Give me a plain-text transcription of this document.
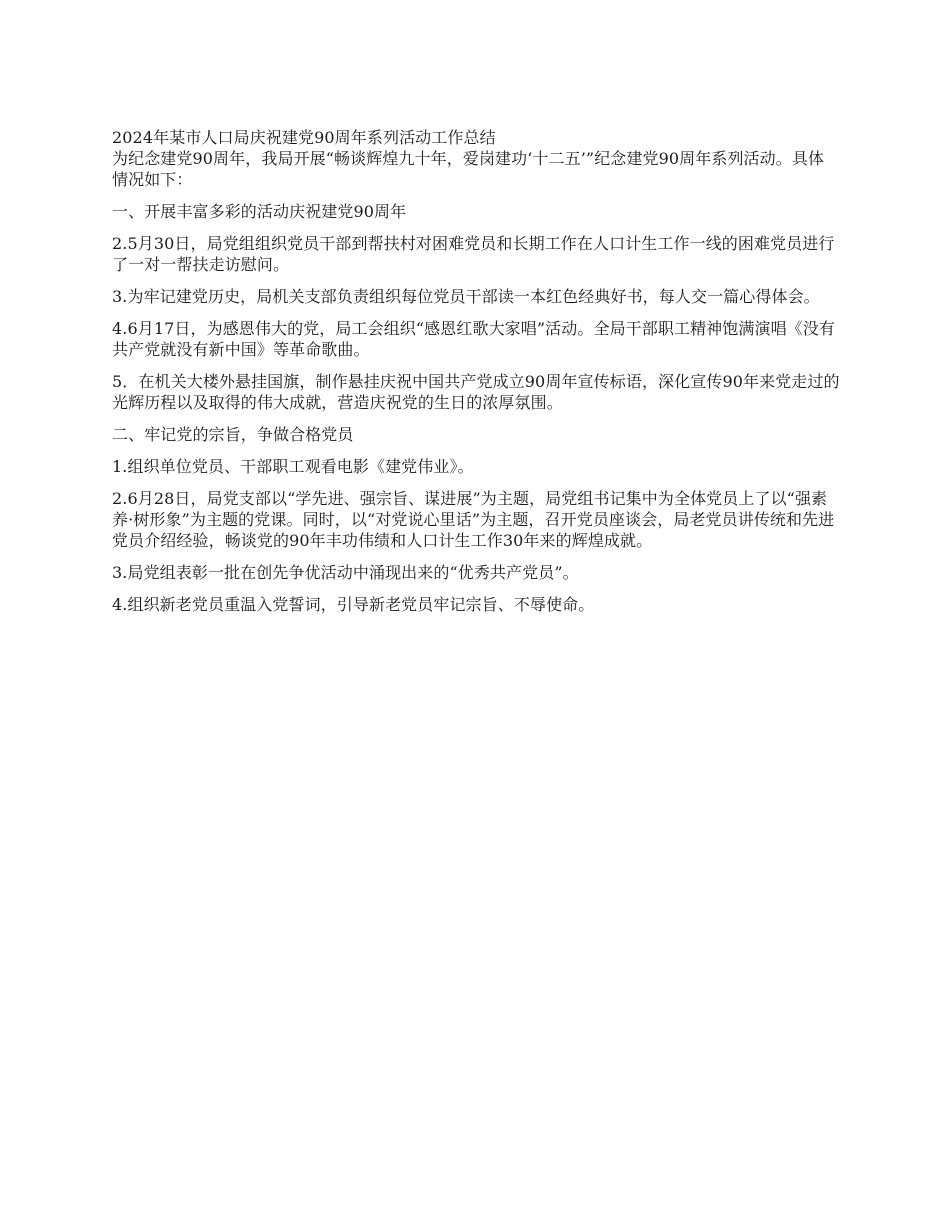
2024年某市人口局庆祝建党90周年系列活动工作总结

为纪念建党90周年，我局开展“畅谈辉煌九十年，爱岗建功‘十二五’”纪念建党90周年系列活动。具体情况如下：

一、开展丰富多彩的活动庆祝建党90周年

2.5月30日，局党组组织党员干部到帮扶村对困难党员和长期工作在人口计生工作一线的困难党员进行了一对一帮扶走访慰问。

3.为牢记建党历史，局机关支部负责组织每位党员干部读一本红色经典好书，每人交一篇心得体会。

4.6月17日，为感恩伟大的党，局工会组织“感恩红歌大家唱”活动。全局干部职工精神饱满演唱《没有共产党就没有新中国》等革命歌曲。

5．在机关大楼外悬挂国旗，制作悬挂庆祝中国共产党成立90周年宣传标语，深化宣传90年来党走过的光辉历程以及取得的伟大成就，营造庆祝党的生日的浓厚氛围。

二、牢记党的宗旨，争做合格党员

1.组织单位党员、干部职工观看电影《建党伟业》。

2.6月28日，局党支部以“学先进、强宗旨、谋进展”为主题，局党组书记集中为全体党员上了以“强素养·树形象”为主题的党课。同时，以“对党说心里话”为主题，召开党员座谈会，局老党员讲传统和先进党员介绍经验，畅谈党的90年丰功伟绩和人口计生工作30年来的辉煌成就。

3.局党组表彰一批在创先争优活动中涌现出来的“优秀共产党员”。

4.组织新老党员重温入党誓词，引导新老党员牢记宗旨、不辱使命。
